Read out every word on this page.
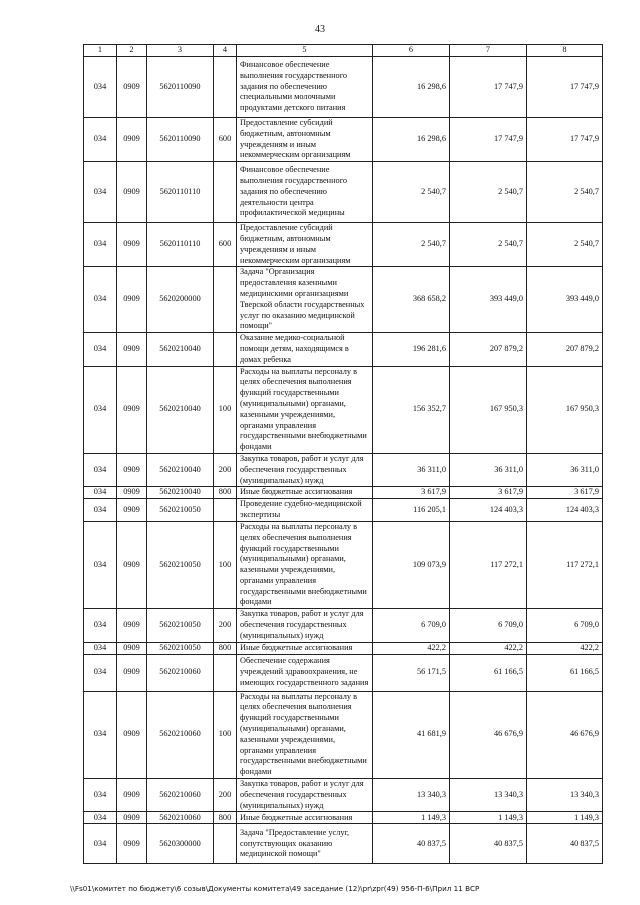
43
1	2	3	4	5	6	7	8
034	0909	5620110090		Финансовое обеспечение выполнения государственного задания по обеспечению специальными молочными продуктами детского питания	16 298,6	17 747,9	17 747,9
034	0909	5620110090	600	Предоставление субсидий бюджетным, автономным учреждениям и иным некоммерческим организациям	16 298,6	17 747,9	17 747,9
034	0909	5620110110		Финансовое обеспечение выполнения государственного задания по обеспечению деятельности центра профилактической медицины	2 540,7	2 540,7	2 540,7
034	0909	5620110110	600	Предоставление субсидий бюджетным, автономным учреждениям и иным некоммерческим организациям	2 540,7	2 540,7	2 540,7
034	0909	5620200000		Задача "Организация предоставления казенными медицинскими организациями Тверской области государственных услуг по оказанию медицинской помощи"	368 658,2	393 449,0	393 449,0
034	0909	5620210040		Оказание медико-социальной помощи детям, находящимся в домах ребенка	196 281,6	207 879,2	207 879,2
034	0909	5620210040	100	Расходы на выплаты персоналу в целях обеспечения выполнения функций государственными (муниципальными) органами, казенными учреждениями, органами управления государственными внебюджетными фондами	156 352,7	167 950,3	167 950,3
034	0909	5620210040	200	Закупка товаров, работ и услуг для обеспечения государственных (муниципальных) нужд	36 311,0	36 311,0	36 311,0
034	0909	5620210040	800	Иные бюджетные ассигнования	3 617,9	3 617,9	3 617,9
034	0909	5620210050		Проведение судебно-медицинской экспертизы	116 205,1	124 403,3	124 403,3
034	0909	5620210050	100	Расходы на выплаты персоналу в целях обеспечения выполнения функций государственными (муниципальными) органами, казенными учреждениями, органами управления государственными внебюджетными фондами	109 073,9	117 272,1	117 272,1
034	0909	5620210050	200	Закупка товаров, работ и услуг для обеспечения государственных (муниципальных) нужд	6 709,0	6 709,0	6 709,0
034	0909	5620210050	800	Иные бюджетные ассигнования	422,2	422,2	422,2
034	0909	5620210060		Обеспечение содержания учреждений здравоохранения, не имеющих государственного задания	56 171,5	61 166,5	61 166,5
034	0909	5620210060	100	Расходы на выплаты персоналу в целях обеспечения выполнения функций государственными (муниципальными) органами, казенными учреждениями, органами управления государственными внебюджетными фондами	41 681,9	46 676,9	46 676,9
034	0909	5620210060	200	Закупка товаров, работ и услуг для обеспечения государственных (муниципальных) нужд	13 340,3	13 340,3	13 340,3
034	0909	5620210060	800	Иные бюджетные ассигнования	1 149,3	1 149,3	1 149,3
034	0909	5620300000		Задача "Предоставление услуг, сопутствующих оказанию медицинской помощи"	40 837,5	40 837,5	40 837,5
\\Fs01\комитет по бюджету\6 созыв\Документы комитета\49 заседание (12)\pr\zpr(49) 956-П-6\Прил 11 ВСР
